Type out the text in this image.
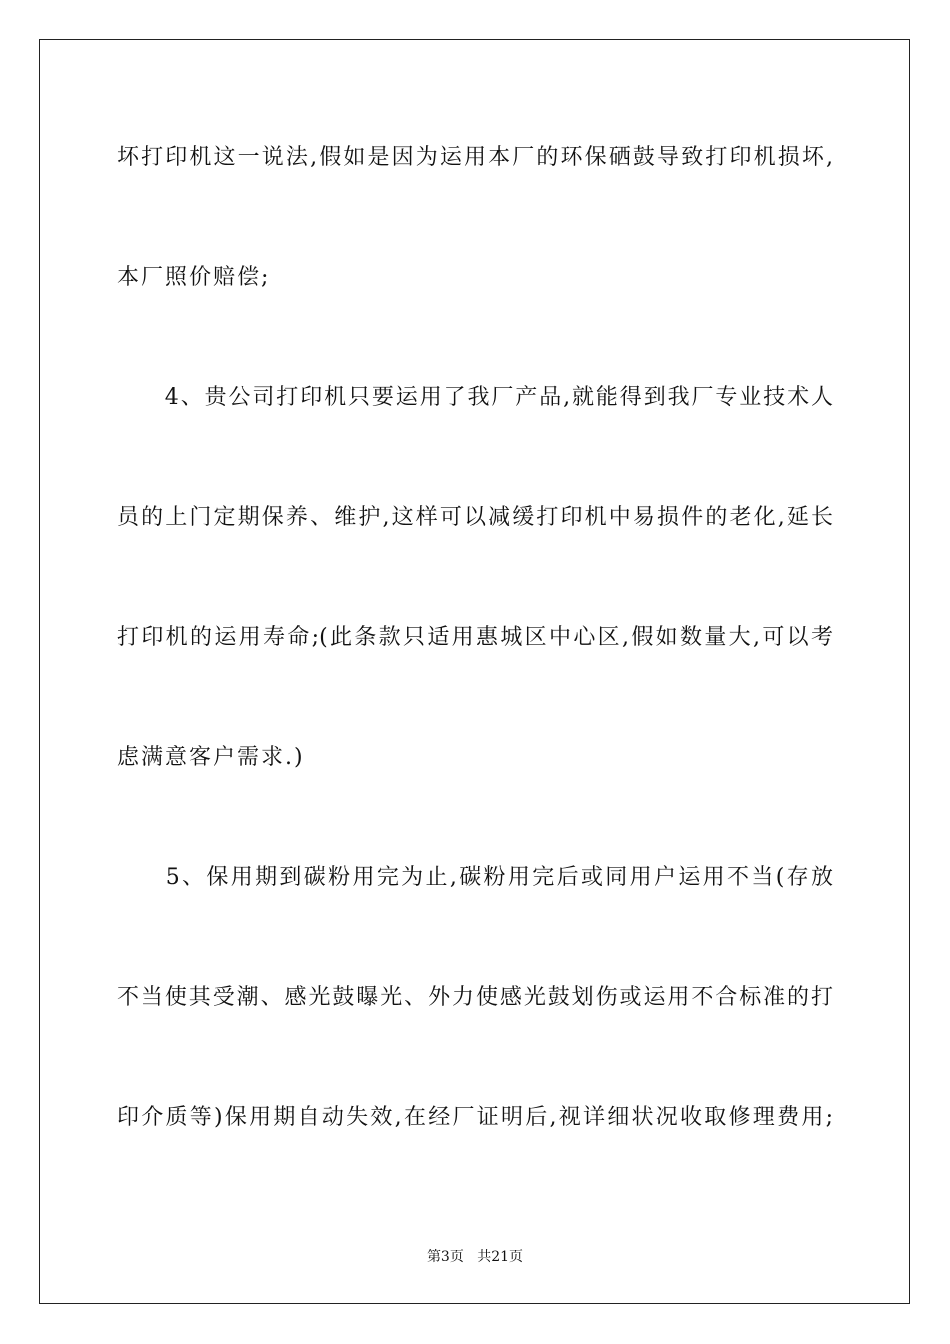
坏打印机这一说法,假如是因为运用本厂的环保硒鼓导致打印机损坏,
本厂照价赔偿;
　　4、贵公司打印机只要运用了我厂产品,就能得到我厂专业技术人
员的上门定期保养、维护,这样可以减缓打印机中易损件的老化,延长
打印机的运用寿命;(此条款只适用惠城区中心区,假如数量大,可以考
虑满意客户需求.)
　　5、保用期到碳粉用完为止,碳粉用完后或同用户运用不当(存放
不当使其受潮、感光鼓曝光、外力使感光鼓划伤或运用不合标准的打
印介质等)保用期自动失效,在经厂证明后,视详细状况收取修理费用;
第3页 共21页
